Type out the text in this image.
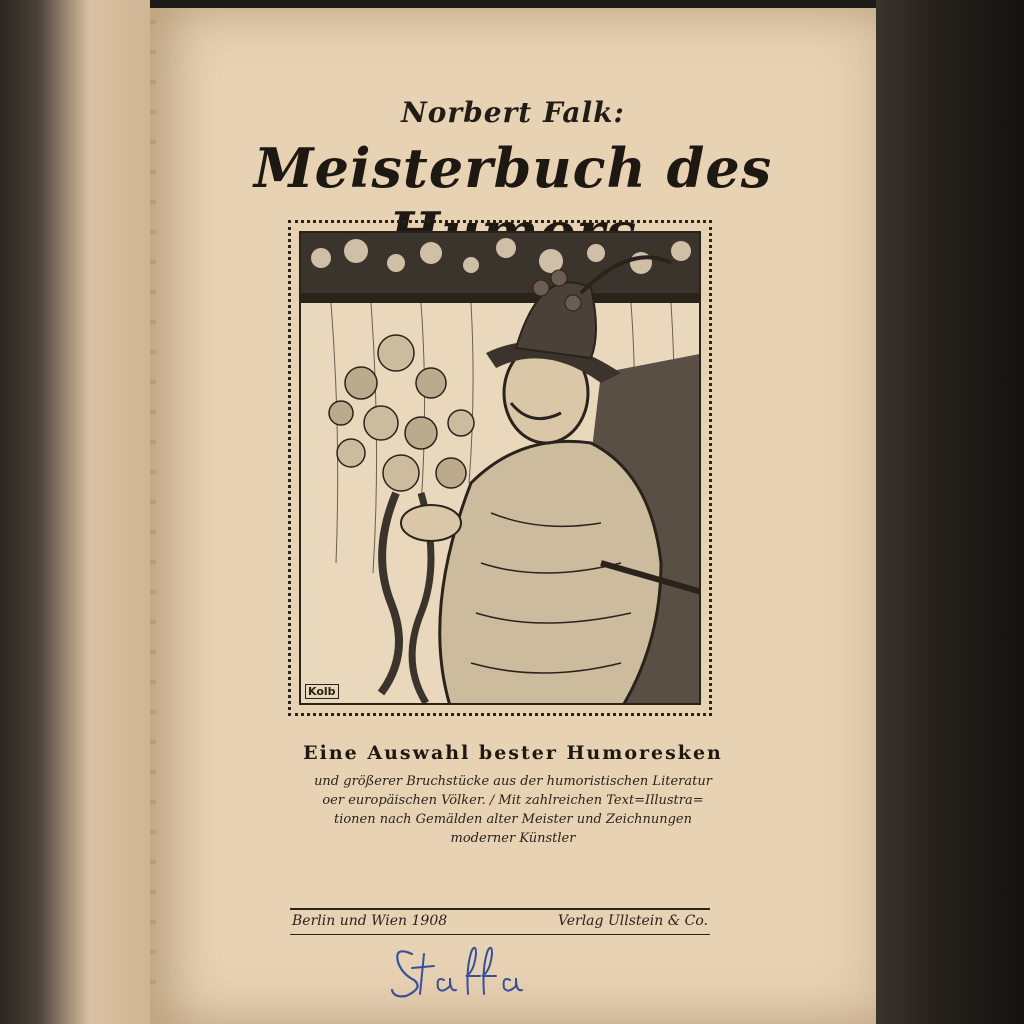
Norbert Falk:
Meisterbuch des
Kolb
Eine Auswahl bester Humoresken
und größerer Bruchstücke aus der humoristischen Literatur
oer europäischen Völker. / Mit zahlreichen Text=Illustra=
tionen nach Gemälden alter Meister und Zeichnungen
moderner Künstler
Berlin und Wien 1908	Verlag Ullstein & Co.
